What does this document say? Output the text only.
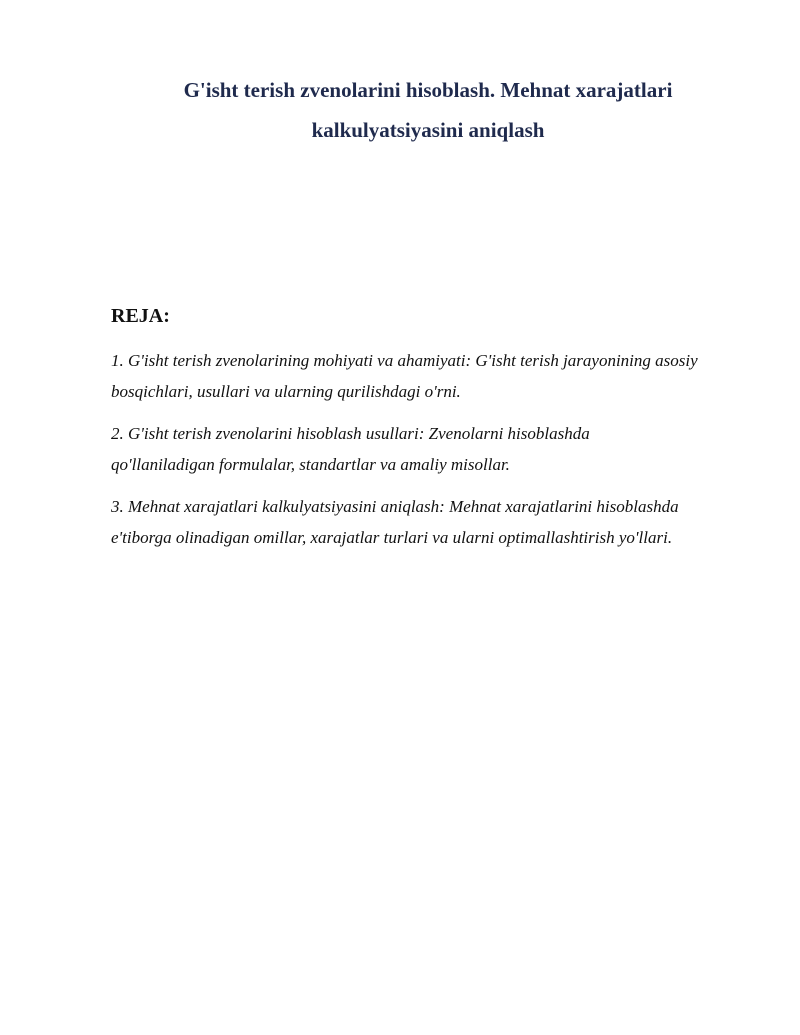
G'isht terish zvenolarini hisoblash. Mehnat xarajatlari
kalkulyatsiyasini aniqlash
REJA:
1. G'isht terish zvenolarining mohiyati va ahamiyati: G'isht terish jarayonining asosiy
bosqichlari, usullari va ularning qurilishdagi o'rni.
2. G'isht terish zvenolarini hisoblash usullari: Zvenolarni hisoblashda
qo'llaniladigan formulalar, standartlar va amaliy misollar.
3. Mehnat xarajatlari kalkulyatsiyasini aniqlash: Mehnat xarajatlarini hisoblashda
e'tiborga olinadigan omillar, xarajatlar turlari va ularni optimallashtirish yo'llari.
